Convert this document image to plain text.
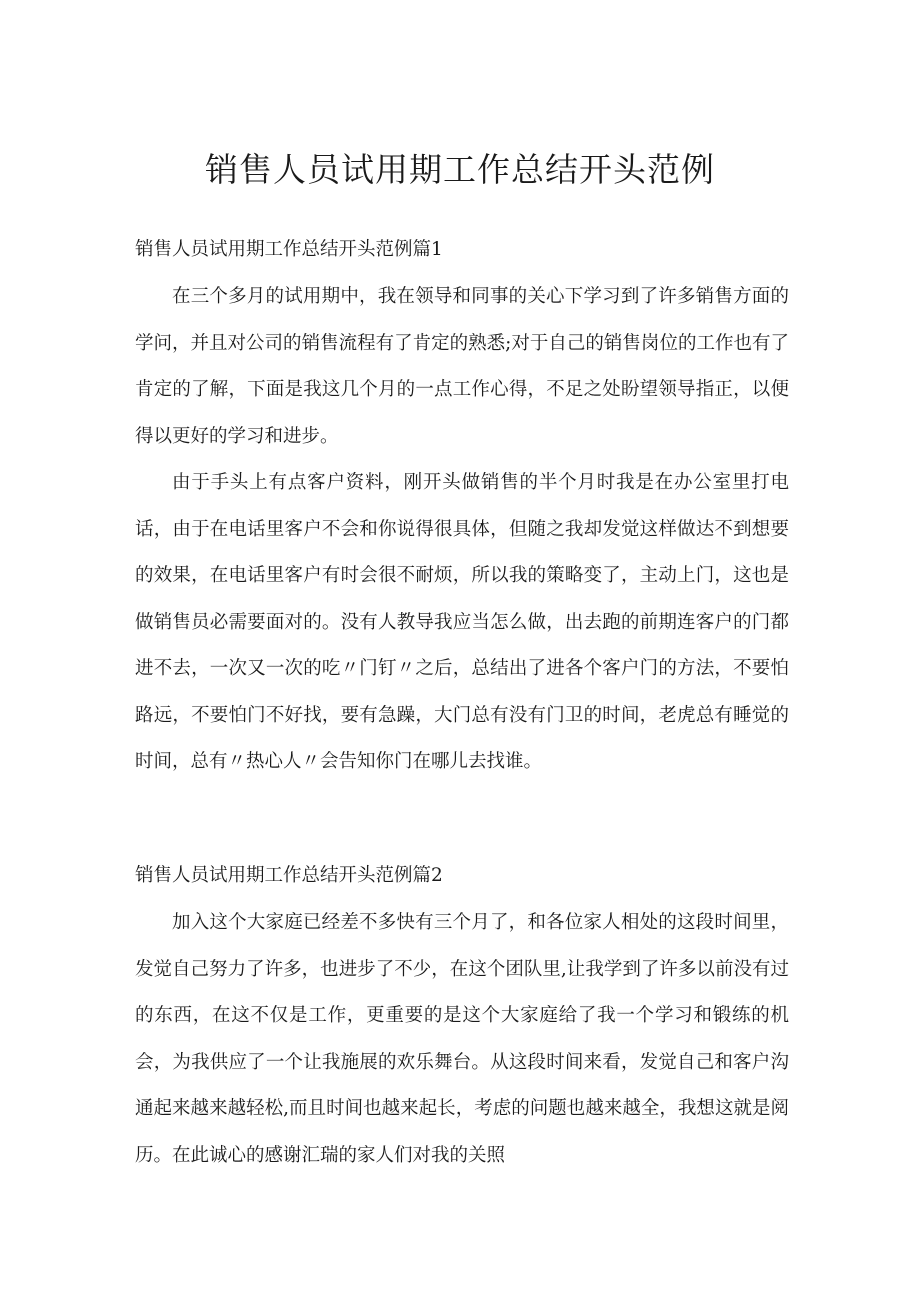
销售人员试用期工作总结开头范例
销售人员试用期工作总结开头范例篇1

在三个多月的试用期中，我在领导和同事的关心下学习到了许多销售方面的学问，并且对公司的销售流程有了肯定的熟悉;对于自己的销售岗位的工作也有了肯定的了解，下面是我这几个月的一点工作心得，不足之处盼望领导指正，以便得以更好的学习和进步。

由于手头上有点客户资料，刚开头做销售的半个月时我是在办公室里打电话，由于在电话里客户不会和你说得很具体，但随之我却发觉这样做达不到想要的效果，在电话里客户有时会很不耐烦，所以我的策略变了，主动上门，这也是做销售员必需要面对的。没有人教导我应当怎么做，出去跑的前期连客户的门都进不去，一次又一次的吃〃门钉〃之后，总结出了进各个客户门的方法，不要怕路远，不要怕门不好找，要有急躁，大门总有没有门卫的时间，老虎总有睡觉的时间，总有〃热心人〃会告知你门在哪儿去找谁。

销售人员试用期工作总结开头范例篇2

加入这个大家庭已经差不多快有三个月了，和各位家人相处的这段时间里，发觉自己努力了许多，也进步了不少，在这个团队里,让我学到了许多以前没有过的东西，在这不仅是工作，更重要的是这个大家庭给了我一个学习和锻练的机会，为我供应了一个让我施展的欢乐舞台。从这段时间来看，发觉自己和客户沟通起来越来越轻松,而且时间也越来起长，考虑的问题也越来越全，我想这就是阅历。在此诚心的感谢汇瑞的家人们对我的关照
